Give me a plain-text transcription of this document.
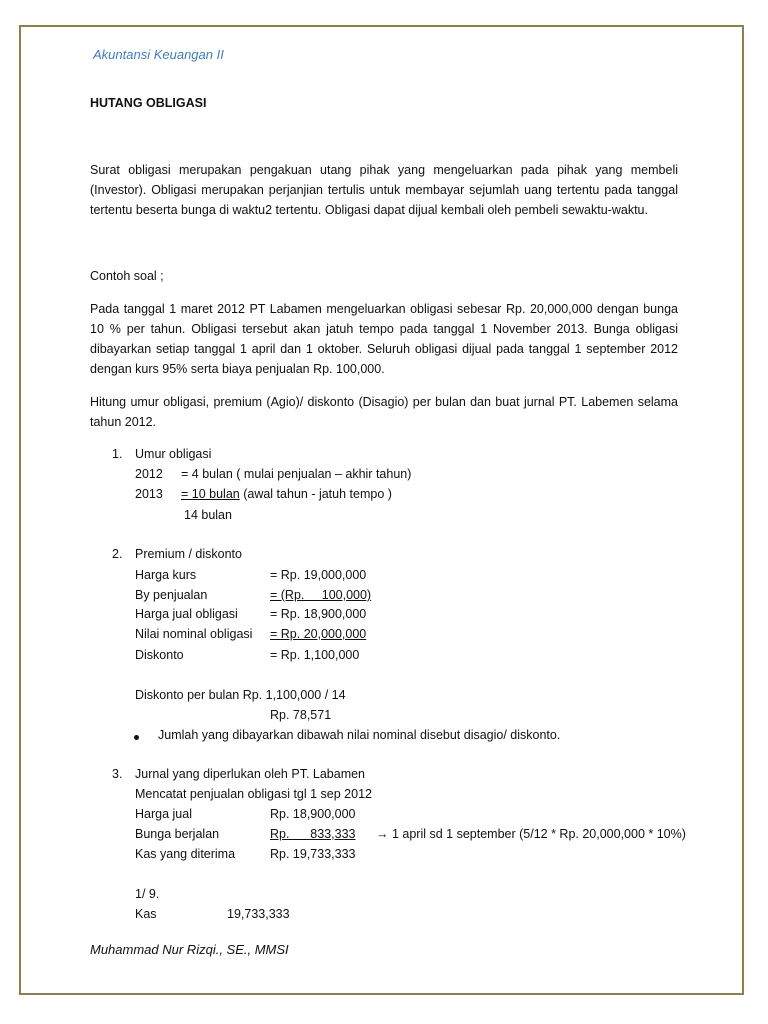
Akuntansi Keuangan II
HUTANG OBLIGASI
Surat obligasi merupakan pengakuan utang pihak yang mengeluarkan pada pihak yang membeli (Investor). Obligasi merupakan perjanjian tertulis untuk membayar sejumlah uang tertentu pada tanggal tertentu beserta bunga di waktu2 tertentu. Obligasi dapat dijual kembali oleh pembeli sewaktu-waktu.
Contoh soal ;
Pada tanggal 1 maret 2012 PT Labamen mengeluarkan obligasi sebesar Rp. 20,000,000 dengan bunga 10 % per tahun. Obligasi tersebut akan jatuh tempo pada tanggal 1 November 2013. Bunga obligasi dibayarkan setiap tanggal 1 april dan 1 oktober. Seluruh obligasi dijual pada tanggal 1 september 2012 dengan kurs 95% serta biaya penjualan Rp. 100,000.
Hitung umur obligasi, premium (Agio)/ diskonto (Disagio) per bulan dan buat jurnal PT. Labemen selama tahun 2012.
1. Umur obligasi
2012 = 4 bulan ( mulai penjualan – akhir tahun)
2013 = 10 bulan (awal tahun - jatuh tempo )
14 bulan
2. Premium / diskonto
Harga kurs	= Rp. 19,000,000
By penjualan	= (Rp.     100,000)
Harga jual obligasi	= Rp. 18,900,000
Nilai nominal obligasi = Rp. 20,000,000
Diskonto	= Rp. 1,100,000
Diskonto per bulan Rp. 1,100,000 / 14
Rp. 78,571
Jumlah yang dibayarkan dibawah nilai nominal disebut disagio/ diskonto.
3. Jurnal yang diperlukan oleh PT. Labamen
Mencatat penjualan obligasi tgl 1 sep 2012
Harga jual	Rp. 18,900,000
Bunga berjalan	Rp.      833,333 → 1 april sd 1 september (5/12 * Rp. 20,000,000 * 10%)
Kas yang diterima	Rp. 19,733,333
1/ 9.
Kas	19,733,333
Muhammad Nur Rizqi., SE., MMSI
